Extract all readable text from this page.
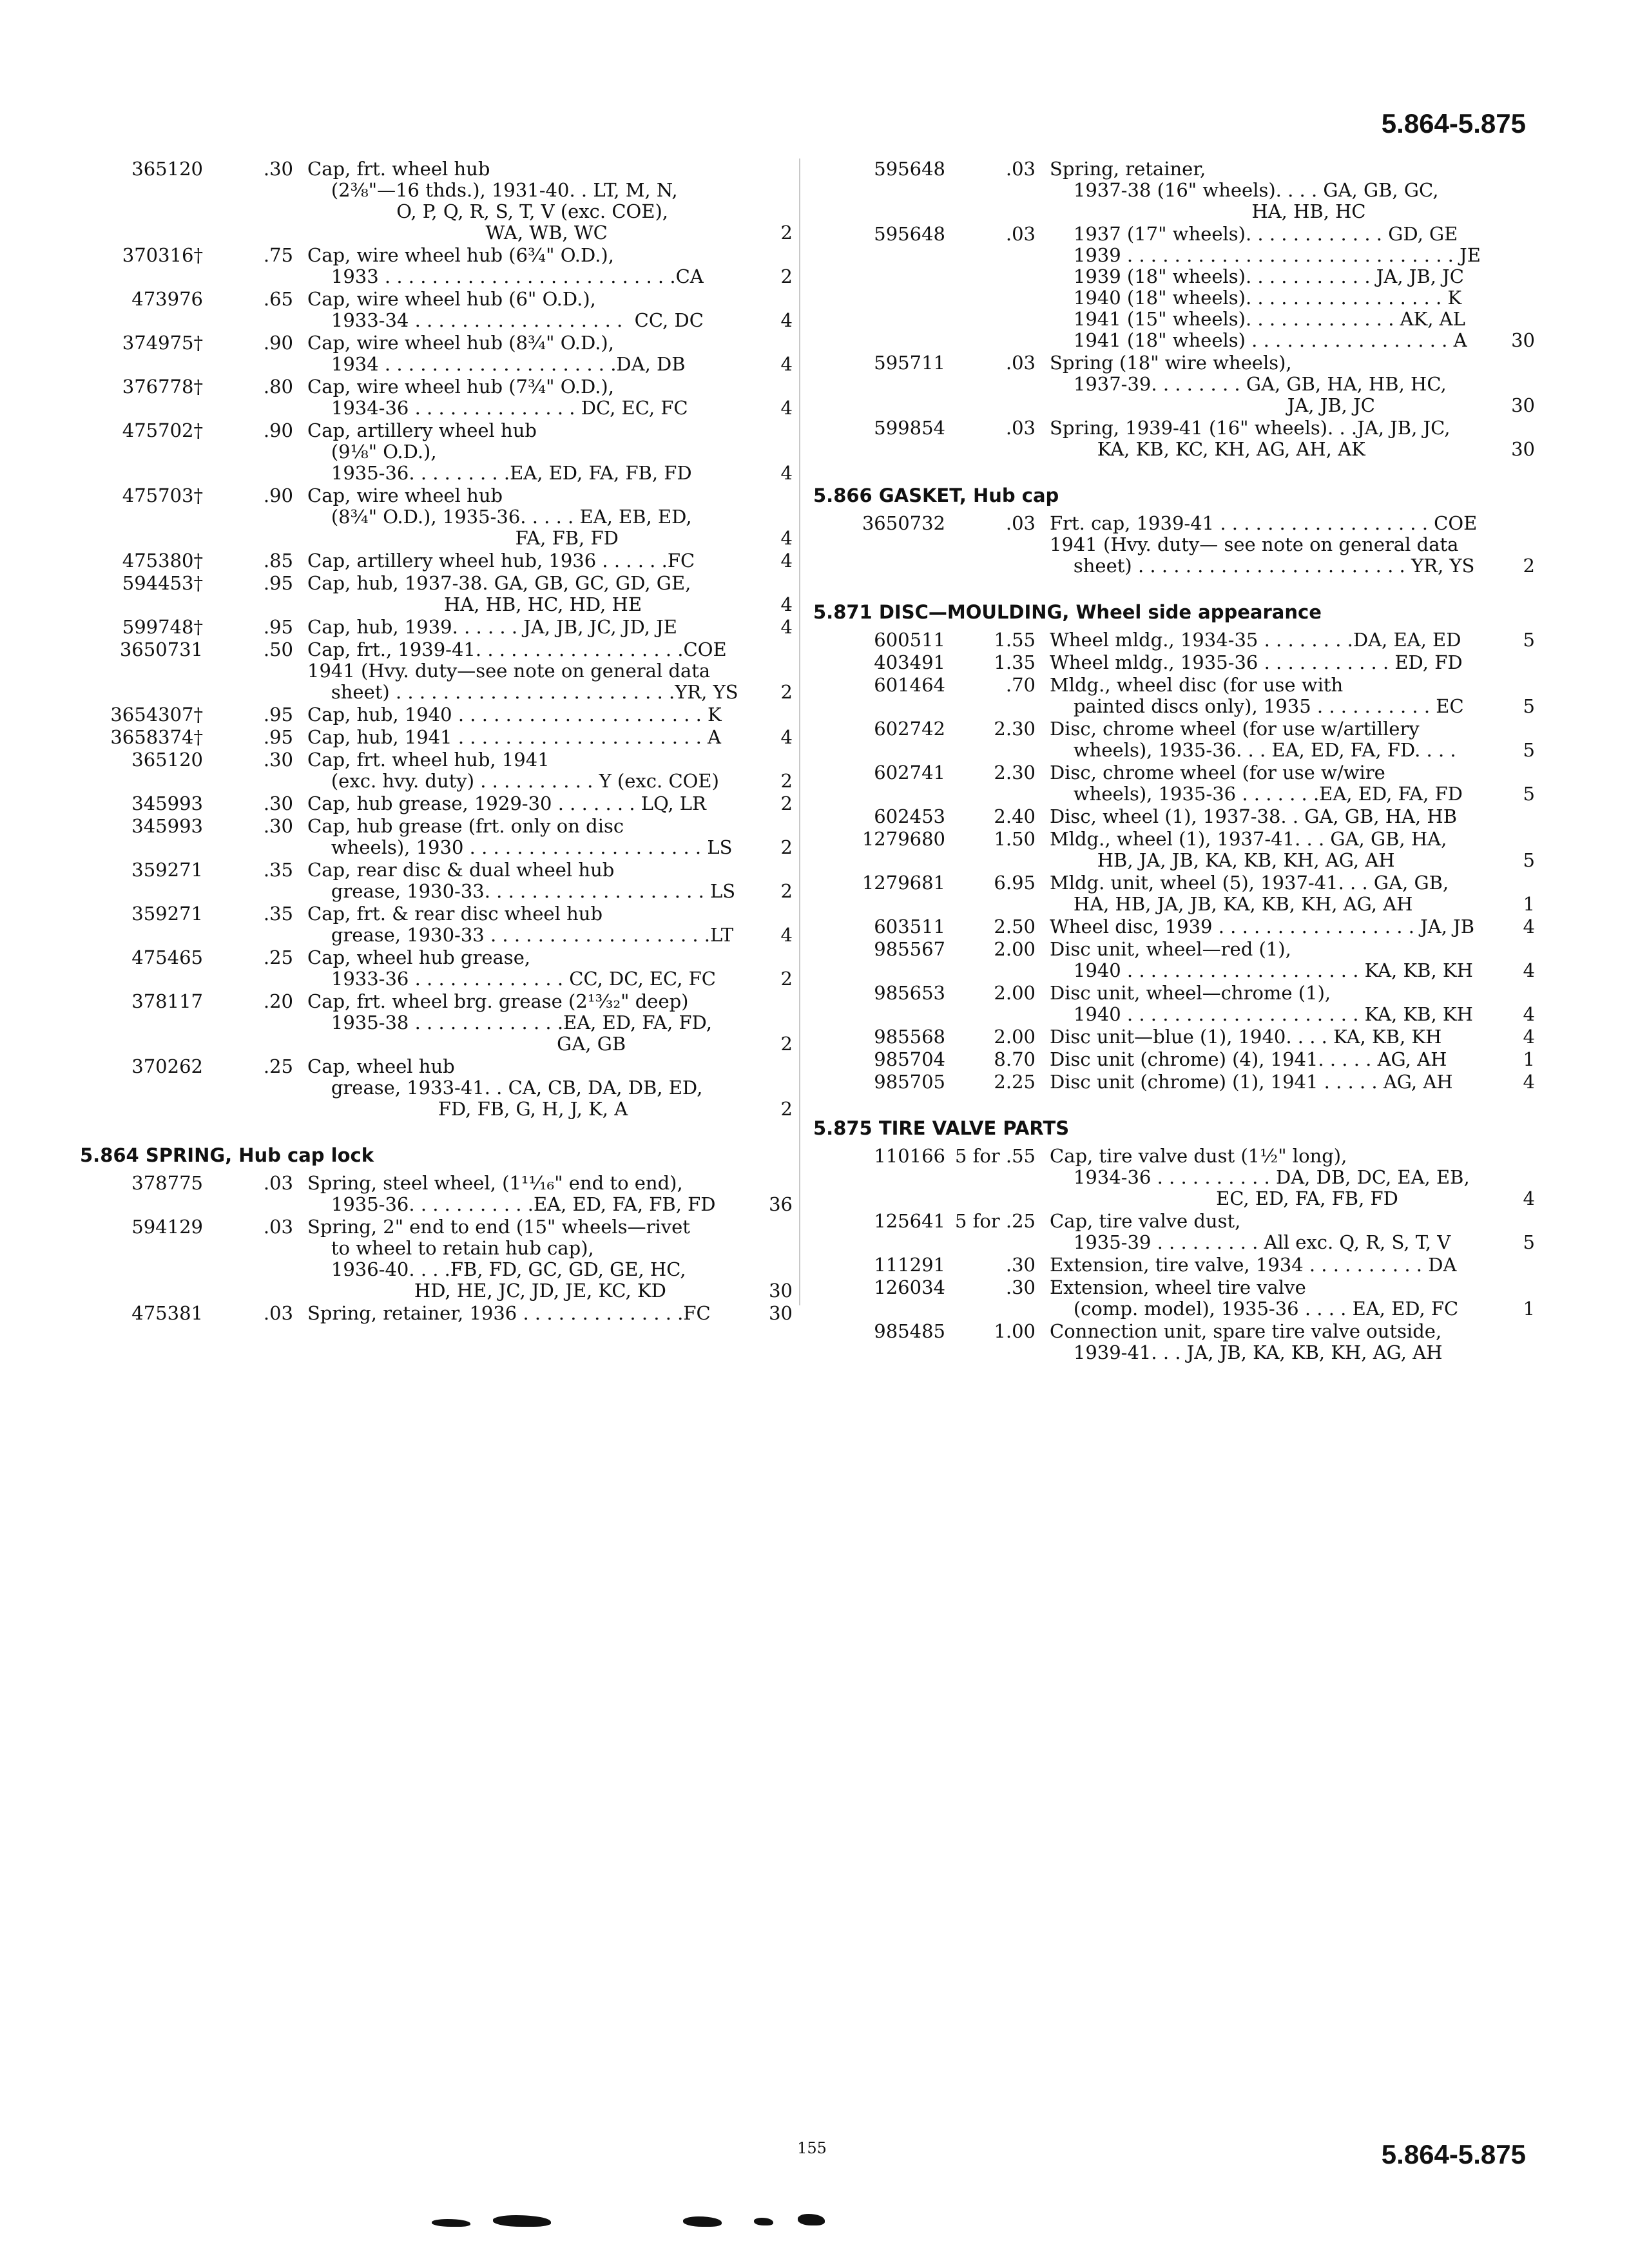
5.864-5.875
365120	.30 Cap, frt. wheel hub
(2⅜"—16 thds.), 1931-40. . LT, M, N,
O, P, Q, R, S, T, V (exc. COE),
WA, WB, WC	2
370316†	.75 Cap, wire wheel hub (6¾" O.D.),
1933 . . . . . . . . . . . . . . . . . . . . . . . . .CA	2
473976	.65 Cap, wire wheel hub (6" O.D.),
1933-34 . . . . . . . . . . . . . . . . . .  CC, DC	4
374975†	.90 Cap, wire wheel hub (8¾" O.D.),
1934 . . . . . . . . . . . . . . . . . . . .DA, DB	4
376778†	.80 Cap, wire wheel hub (7¾" O.D.),
1934-36 . . . . . . . . . . . . . . DC, EC, FC	4
475702†	.90 Cap, artillery wheel hub
(9⅛" O.D.),
1935-36. . . . . . . . .EA, ED, FA, FB, FD	4
475703†	.90 Cap, wire wheel hub
(8¾" O.D.), 1935-36. . . . . EA, EB, ED,
FA, FB, FD	4
475380†	.85 Cap, artillery wheel hub, 1936 . . . . . .FC	4
594453†	.95 Cap, hub, 1937-38. GA, GB, GC, GD, GE,
HA, HB, HC, HD, HE	4
599748†	.95 Cap, hub, 1939. . . . . . JA, JB, JC, JD, JE	4
3650731	.50 Cap, frt., 1939-41. . . . . . . . . . . . . . . . . .COE
1941 (Hvy. duty—see note on general data
sheet) . . . . . . . . . . . . . . . . . . . . . . . .YR, YS	2
3654307†	.95 Cap, hub, 1940 . . . . . . . . . . . . . . . . . . . . . K
3658374†	.95 Cap, hub, 1941 . . . . . . . . . . . . . . . . . . . . . A	4
365120	.30 Cap, frt. wheel hub, 1941
(exc. hvy. duty) . . . . . . . . . . Y (exc. COE)	2
345993	.30 Cap, hub grease, 1929-30 . . . . . . . LQ, LR	2
345993	.30 Cap, hub grease (frt. only on disc
wheels), 1930 . . . . . . . . . . . . . . . . . . . . LS	2
359271	.35 Cap, rear disc & dual wheel hub
grease, 1930-33. . . . . . . . . . . . . . . . . . . LS	2
359271	.35 Cap, frt. & rear disc wheel hub
grease, 1930-33 . . . . . . . . . . . . . . . . . . .LT	4
475465	.25 Cap, wheel hub grease,
1933-36 . . . . . . . . . . . . . CC, DC, EC, FC	2
378117	.20 Cap, frt. wheel brg. grease (2¹³⁄₃₂" deep)
1935-38 . . . . . . . . . . . . .EA, ED, FA, FD,
GA, GB	2
370262	.25 Cap, wheel hub
grease, 1933-41. . CA, CB, DA, DB, ED,
FD, FB, G, H, J, K, A	2
5.864 SPRING, Hub cap lock
378775	.03 Spring, steel wheel, (1¹¹⁄₁₆" end to end),
1935-36. . . . . . . . . . .EA, ED, FA, FB, FD	36
594129	.03 Spring, 2" end to end (15" wheels—rivet
to wheel to retain hub cap),
1936-40. . . .FB, FD, GC, GD, GE, HC,
HD, HE, JC, JD, JE, KC, KD	30
475381	.03 Spring, retainer, 1936 . . . . . . . . . . . . . .FC	30
595648	.03 Spring, retainer,
1937-38 (16" wheels). . . . GA, GB, GC,
HA, HB, HC
595648	.03 1937 (17" wheels). . . . . . . . . . . . GD, GE
1939 . . . . . . . . . . . . . . . . . . . . . . . . . . . . JE
1939 (18" wheels). . . . . . . . . . . JA, JB, JC
1940 (18" wheels). . . . . . . . . . . . . . . . . K
1941 (15" wheels). . . . . . . . . . . . . AK, AL
1941 (18" wheels) . . . . . . . . . . . . . . . . . A	30
595711	.03 Spring (18" wire wheels),
1937-39. . . . . . . . GA, GB, HA, HB, HC,
JA, JB, JC	30
599854	.03 Spring, 1939-41 (16" wheels). . .JA, JB, JC,
KA, KB, KC, KH, AG, AH, AK	30
5.866 GASKET, Hub cap
3650732	.03 Frt. cap, 1939-41 . . . . . . . . . . . . . . . . . . COE
1941 (Hvy. duty— see note on general data
sheet) . . . . . . . . . . . . . . . . . . . . . . . YR, YS	2
5.871 DISC—MOULDING, Wheel side appearance
600511	1.55 Wheel mldg., 1934-35 . . . . . . . .DA, EA, ED	5
403491	1.35 Wheel mldg., 1935-36 . . . . . . . . . . . ED, FD
601464	.70 Mldg., wheel disc (for use with
painted discs only), 1935 . . . . . . . . . . EC	5
602742	2.30 Disc, chrome wheel (for use w/artillery
wheels), 1935-36. . . EA, ED, FA, FD. . . .	5
602741	2.30 Disc, chrome wheel (for use w/wire
wheels), 1935-36 . . . . . . .EA, ED, FA, FD	5
602453	2.40 Disc, wheel (1), 1937-38. . GA, GB, HA, HB
1279680	1.50 Mldg., wheel (1), 1937-41. . . GA, GB, HA,
HB, JA, JB, KA, KB, KH, AG, AH	5
1279681	6.95 Mldg. unit, wheel (5), 1937-41. . . GA, GB,
HA, HB, JA, JB, KA, KB, KH, AG, AH	1
603511	2.50 Wheel disc, 1939 . . . . . . . . . . . . . . . . . JA, JB	4
985567	2.00 Disc unit, wheel—red (1),
1940 . . . . . . . . . . . . . . . . . . . . KA, KB, KH	4
985653	2.00 Disc unit, wheel—chrome (1),
1940 . . . . . . . . . . . . . . . . . . . . KA, KB, KH	4
985568	2.00 Disc unit—blue (1), 1940. . . . KA, KB, KH	4
985704	8.70 Disc unit (chrome) (4), 1941. . . . . AG, AH	1
985705	2.25 Disc unit (chrome) (1), 1941 . . . . . AG, AH	4
5.875 TIRE VALVE PARTS
110166 5 for .55 Cap, tire valve dust (1½" long),
1934-36 . . . . . . . . . . DA, DB, DC, EA, EB,
EC, ED, FA, FB, FD	4
125641 5 for .25 Cap, tire valve dust,
1935-39 . . . . . . . . . All exc. Q, R, S, T, V	5
111291	.30 Extension, tire valve, 1934 . . . . . . . . . . DA
126034	.30 Extension, wheel tire valve
(comp. model), 1935-36 . . . . EA, ED, FC	1
985485	1.00 Connection unit, spare tire valve outside,
1939-41. . . JA, JB, KA, KB, KH, AG, AH
155	5.864-5.875
